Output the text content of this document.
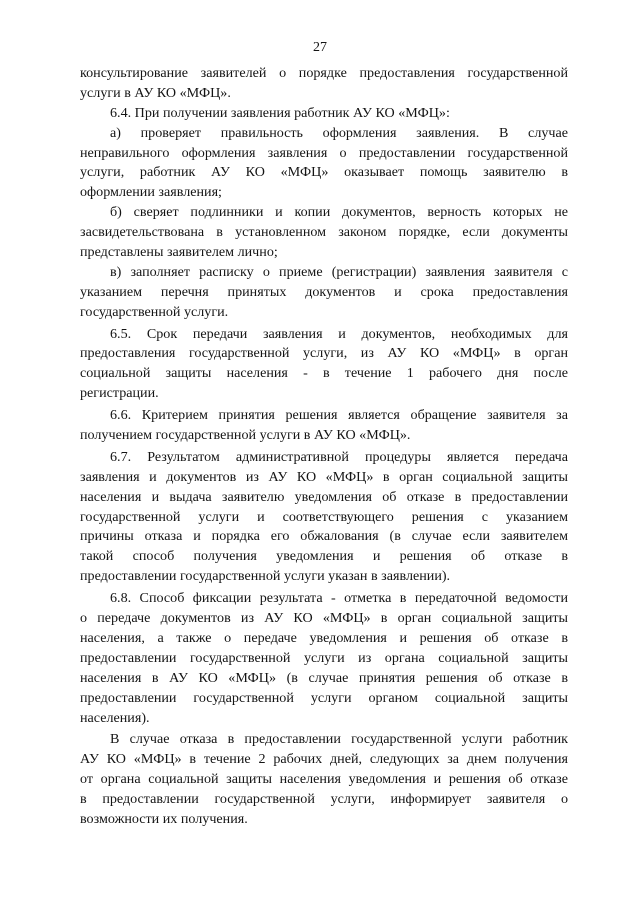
27
консультирование заявителей о порядке предоставления государственной
услуги в АУ КО «МФЦ».
6.4. При получении заявления работник АУ КО «МФЦ»:
а) проверяет правильность оформления заявления. В случае
неправильного оформления заявления о предоставлении государственной
услуги, работник АУ КО «МФЦ» оказывает помощь заявителю в
оформлении заявления;
б) сверяет подлинники и копии документов, верность которых не
засвидетельствована в установленном законом порядке, если документы
представлены заявителем лично;
в) заполняет расписку о приеме (регистрации) заявления заявителя с
указанием перечня принятых документов и срока предоставления
государственной услуги.
6.5. Срок передачи заявления и документов, необходимых для
предоставления государственной услуги, из АУ КО «МФЦ» в орган
социальной защиты населения - в течение 1 рабочего дня после
регистрации.
6.6. Критерием принятия решения является обращение заявителя за
получением государственной услуги в АУ КО «МФЦ».
6.7. Результатом административной процедуры является передача
заявления и документов из АУ КО «МФЦ» в орган социальной защиты
населения и выдача заявителю уведомления об отказе в предоставлении
государственной услуги и соответствующего решения с указанием
причины отказа и порядка его обжалования (в случае если заявителем
такой способ получения уведомления и решения об отказе в
предоставлении государственной услуги указан в заявлении).
6.8. Способ фиксации результата - отметка в передаточной ведомости
о передаче документов из АУ КО «МФЦ» в орган социальной защиты
населения, а также о передаче уведомления и решения об отказе в
предоставлении государственной услуги из органа социальной защиты
населения в АУ КО «МФЦ» (в случае принятия решения об отказе в
предоставлении государственной услуги органом социальной защиты
населения).
В случае отказа в предоставлении государственной услуги работник
АУ КО «МФЦ» в течение 2 рабочих дней, следующих за днем получения
от органа социальной защиты населения уведомления и решения об отказе
в предоставлении государственной услуги, информирует заявителя о
возможности их получения.
